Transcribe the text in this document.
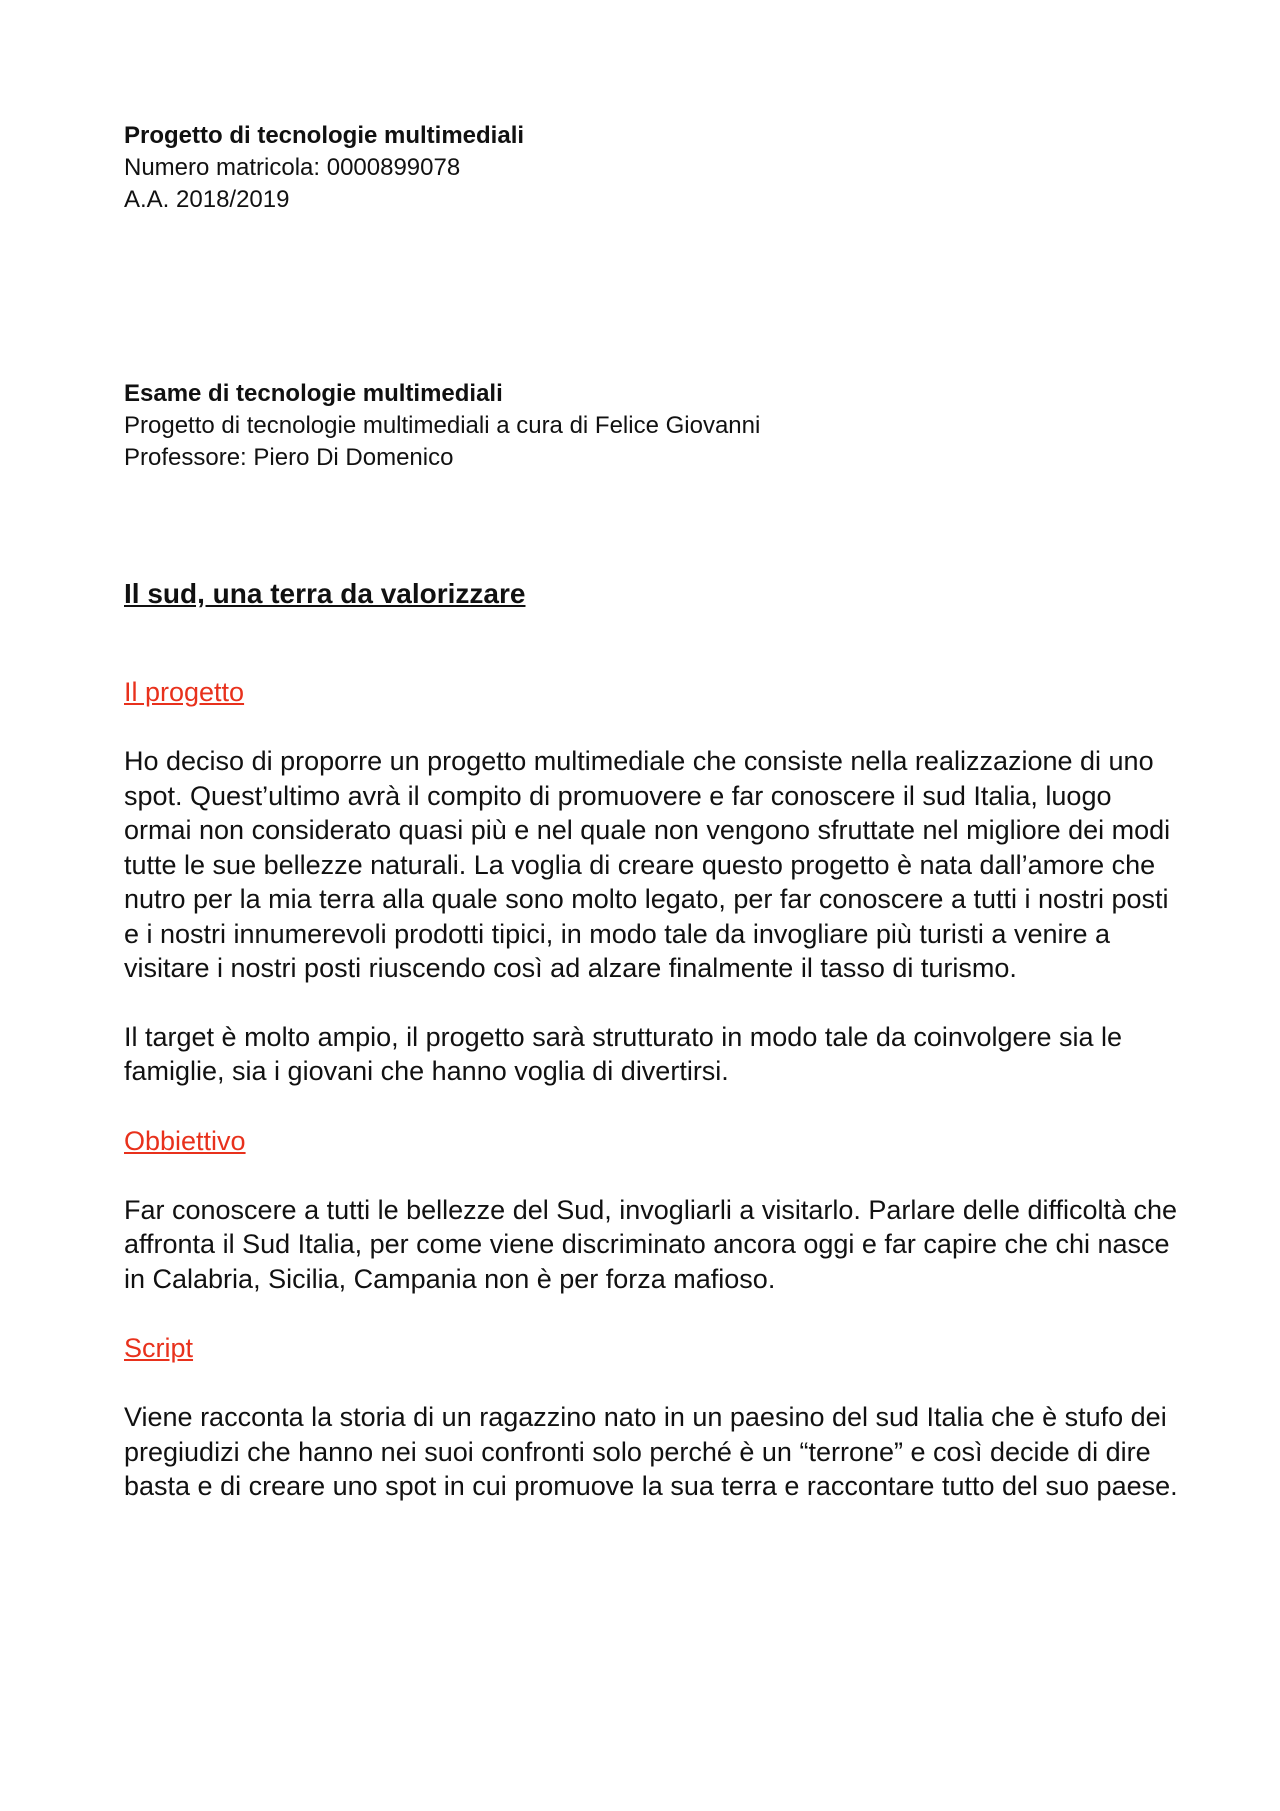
Progetto di tecnologie multimediali
Numero matricola: 0000899078
A.A. 2018/2019
Esame di tecnologie multimediali
Progetto di tecnologie multimediali a cura di Felice Giovanni
Professore: Piero Di Domenico
Il sud, una terra da valorizzare
Il progetto

Ho deciso di proporre un progetto multimediale che consiste nella realizzazione di uno spot. Quest’ultimo avrà il compito di promuovere e far conoscere il sud Italia, luogo ormai non considerato quasi più e nel quale non vengono sfruttate nel migliore dei modi tutte le sue bellezze naturali. La voglia di creare questo progetto è nata dall’amore che nutro per la mia terra alla quale sono molto legato, per far conoscere a tutti i nostri posti e i nostri innumerevoli prodotti tipici, in modo tale da invogliare più turisti a venire a visitare i nostri posti riuscendo così ad alzare finalmente il tasso di turismo.

Il target è molto ampio, il progetto sarà strutturato in modo tale da coinvolgere sia le famiglie, sia i giovani che hanno voglia di divertirsi.

Obbiettivo

Far conoscere a tutti le bellezze del Sud, invogliarli a visitarlo. Parlare delle difficoltà che affronta il Sud Italia, per come viene discriminato ancora oggi e far capire che chi nasce in Calabria, Sicilia, Campania non è per forza mafioso.

Script

Viene racconta la storia di un ragazzino nato in un paesino del sud Italia che è stufo dei pregiudizi che hanno nei suoi confronti solo perché è un “terrone” e così decide di dire basta e di creare uno spot in cui promuove la sua terra e raccontare tutto del suo paese.
